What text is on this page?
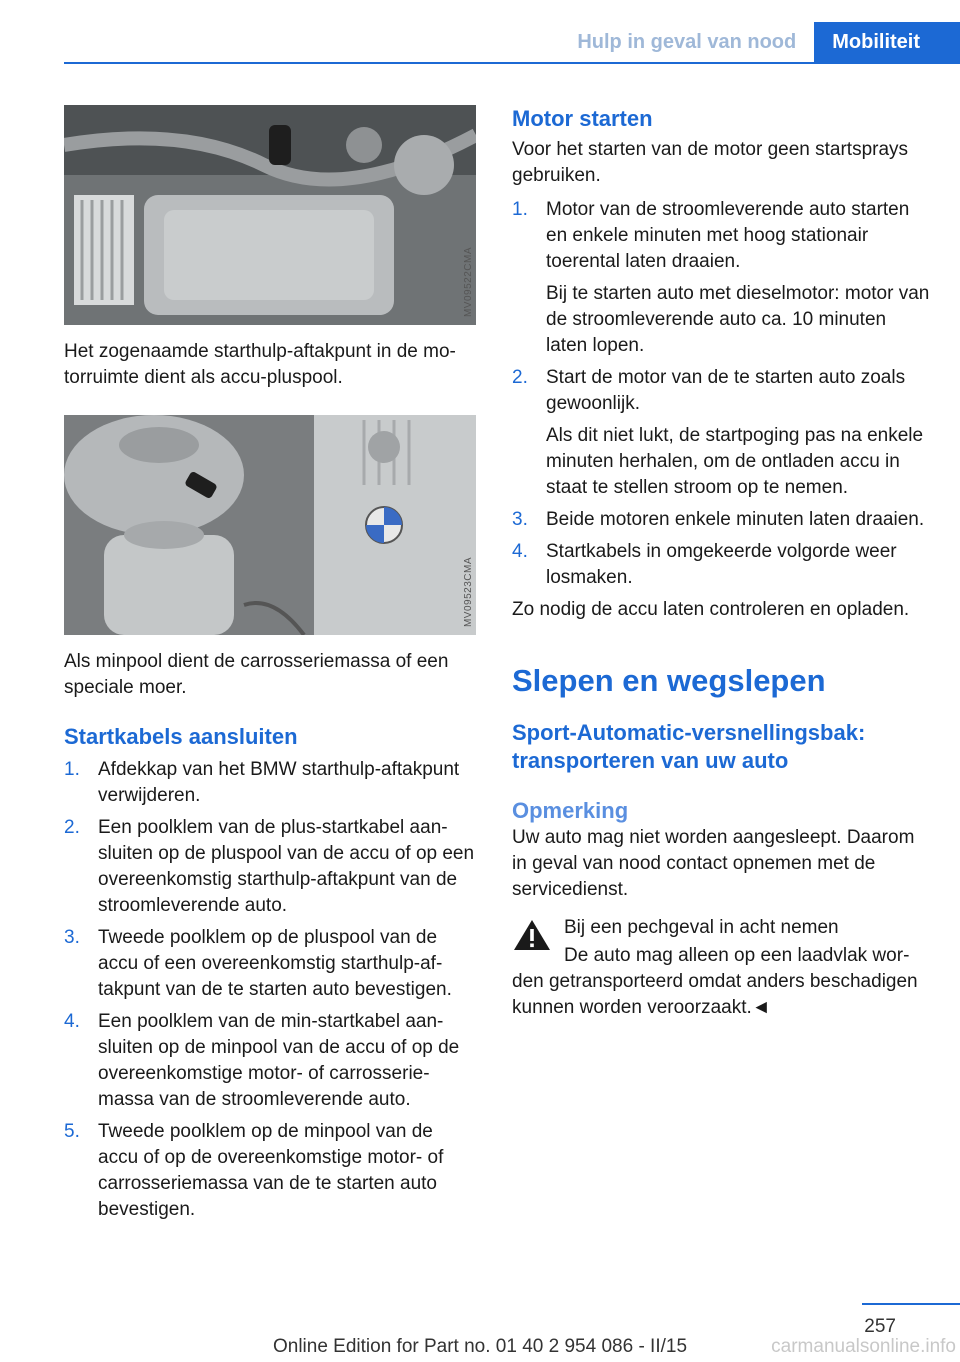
Hulp in geval van nood	Mobiliteit
MV09522CMA

Het zogenaamde starthulp-aftakpunt in de motorruimte dient als accu-pluspool.

MV09523CMA

Als minpool dient de carrosseriemassa of een speciale moer.

Startkabels aansluiten
1. Afdekkap van het BMW starthulp-aftakpunt verwijderen.
2. Een poolklem van de plus-startkabel aansluiten op de pluspool van de accu of op een overeenkomstig starthulp-aftakpunt van de stroomleverende auto.
3. Tweede poolklem op de pluspool van de accu of een overeenkomstig starthulp-aftakpunt van de te starten auto bevestigen.
4. Een poolklem van de min-startkabel aansluiten op de minpool van de accu of op de overeenkomstige motor- of carrosseriemassa van de stroomleverende auto.
5. Tweede poolklem op de minpool van de accu of op de overeenkomstige motor- of carrosseriemassa van de te starten auto bevestigen.
Motor starten

Voor het starten van de motor geen startsprays gebruiken.

1. Motor van de stroomleverende auto starten en enkele minuten met hoog stationair toerental laten draaien.
Bij te starten auto met dieselmotor: motor van de stroomleverende auto ca. 10 minuten laten lopen.
2. Start de motor van de te starten auto zoals gewoonlijk.
Als dit niet lukt, de startpoging pas na enkele minuten herhalen, om de ontladen accu in staat te stellen stroom op te nemen.
3. Beide motoren enkele minuten laten draaien.
4. Startkabels in omgekeerde volgorde weer losmaken.

Zo nodig de accu laten controleren en opladen.

Slepen en wegslepen
Sport-Automatic-versnellingsbak: transporteren van uw auto
Opmerking

Uw auto mag niet worden aangesleept. Daarom in geval van nood contact opnemen met de servicedienst.

Bij een pechgeval in acht nemen

De auto mag alleen op een laadvlak worden getransporteerd omdat anders beschadigen kunnen worden veroorzaakt.◄

257
Online Edition for Part no. 01 40 2 954 086 - II/15	carmanualsonline.info
